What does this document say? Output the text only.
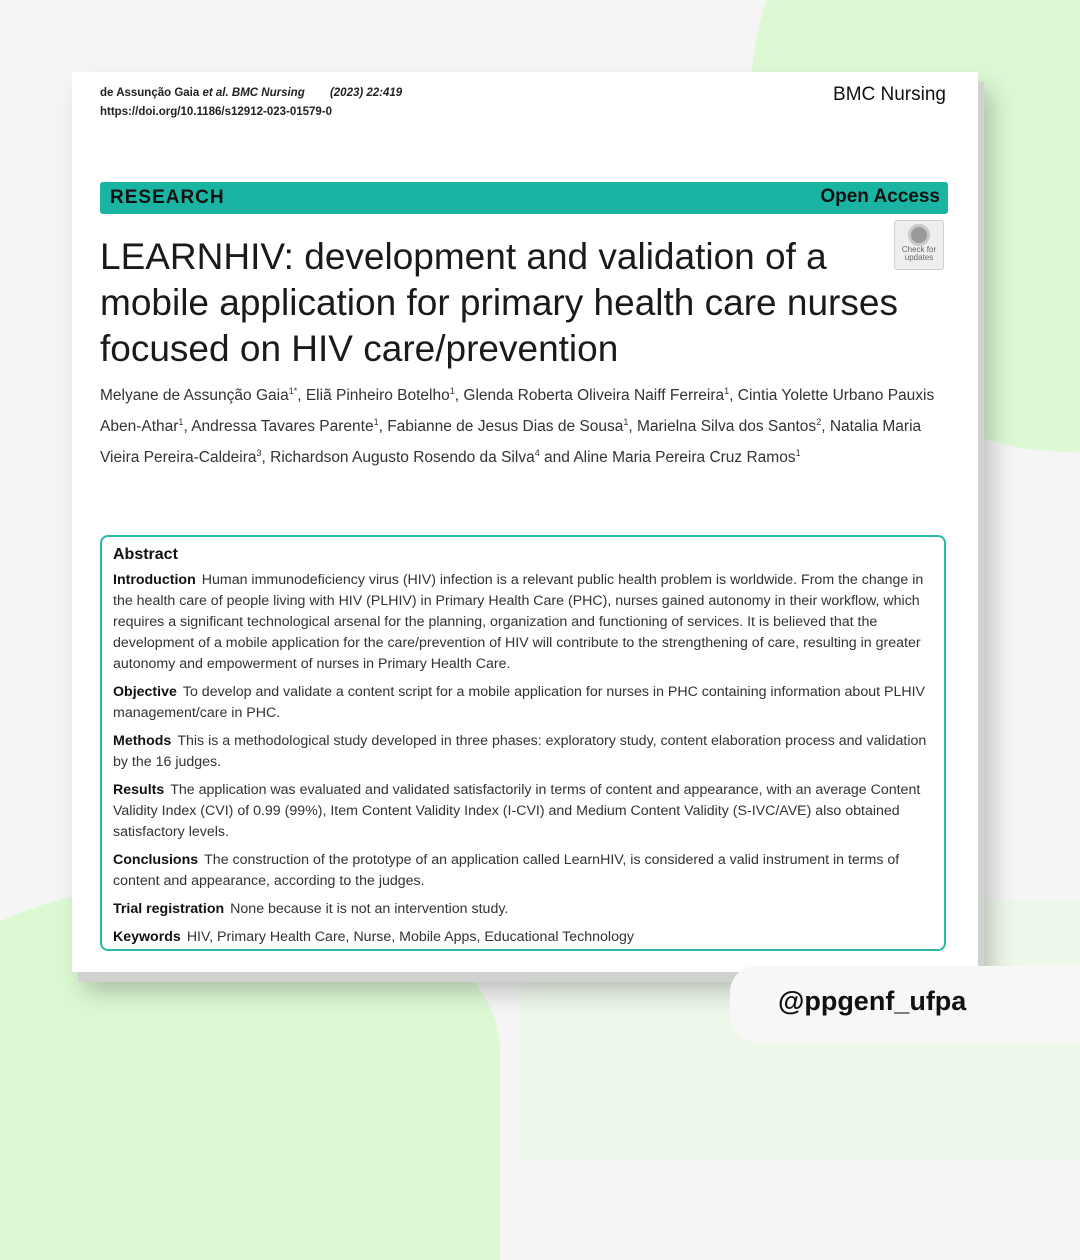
de Assunção Gaia et al. BMC Nursing (2023) 22:419
https://doi.org/10.1186/s12912-023-01579-0
BMC Nursing
RESEARCH	Open Access
Check for
updates
LEARNHIV: development and validation of a mobile application for primary health care nurses focused on HIV care/prevention
Melyane de Assunção Gaia$^{1*}$, Eliã Pinheiro Botelho$^1$, Glenda Roberta Oliveira Naiff Ferreira$^1$, Cintia Yolette Urbano Pauxis Aben-Athar$^1$, Andressa Tavares Parente$^1$, Fabianne de Jesus Dias de Sousa$^1$, Marielna Silva dos Santos$^2$, Natalia Maria Vieira Pereira-Caldeira$^3$, Richardson Augusto Rosendo da Silva$^4$ and Aline Maria Pereira Cruz Ramos$^1$
Abstract

Introduction Human immunodeficiency virus (HIV) infection is a relevant public health problem is worldwide. From the change in the health care of people living with HIV (PLHIV) in Primary Health Care (PHC), nurses gained autonomy in their workflow, which requires a significant technological arsenal for the planning, organization and functioning of services. It is believed that the development of a mobile application for the care/prevention of HIV will contribute to the strengthening of care, resulting in greater autonomy and empowerment of nurses in Primary Health Care.

Objective To develop and validate a content script for a mobile application for nurses in PHC containing information about PLHIV management/care in PHC.

Methods This is a methodological study developed in three phases: exploratory study, content elaboration process and validation by the 16 judges.

Results The application was evaluated and validated satisfactorily in terms of content and appearance, with an average Content Validity Index (CVI) of 0.99 (99%), Item Content Validity Index (I-CVI) and Medium Content Validity (S-IVC/AVE) also obtained satisfactory levels.

Conclusions The construction of the prototype of an application called LearnHIV, is considered a valid instrument in terms of content and appearance, according to the judges.

Trial registration None because it is not an intervention study.

Keywords HIV, Primary Health Care, Nurse, Mobile Apps, Educational Technology

@ppgenf_ufpa
